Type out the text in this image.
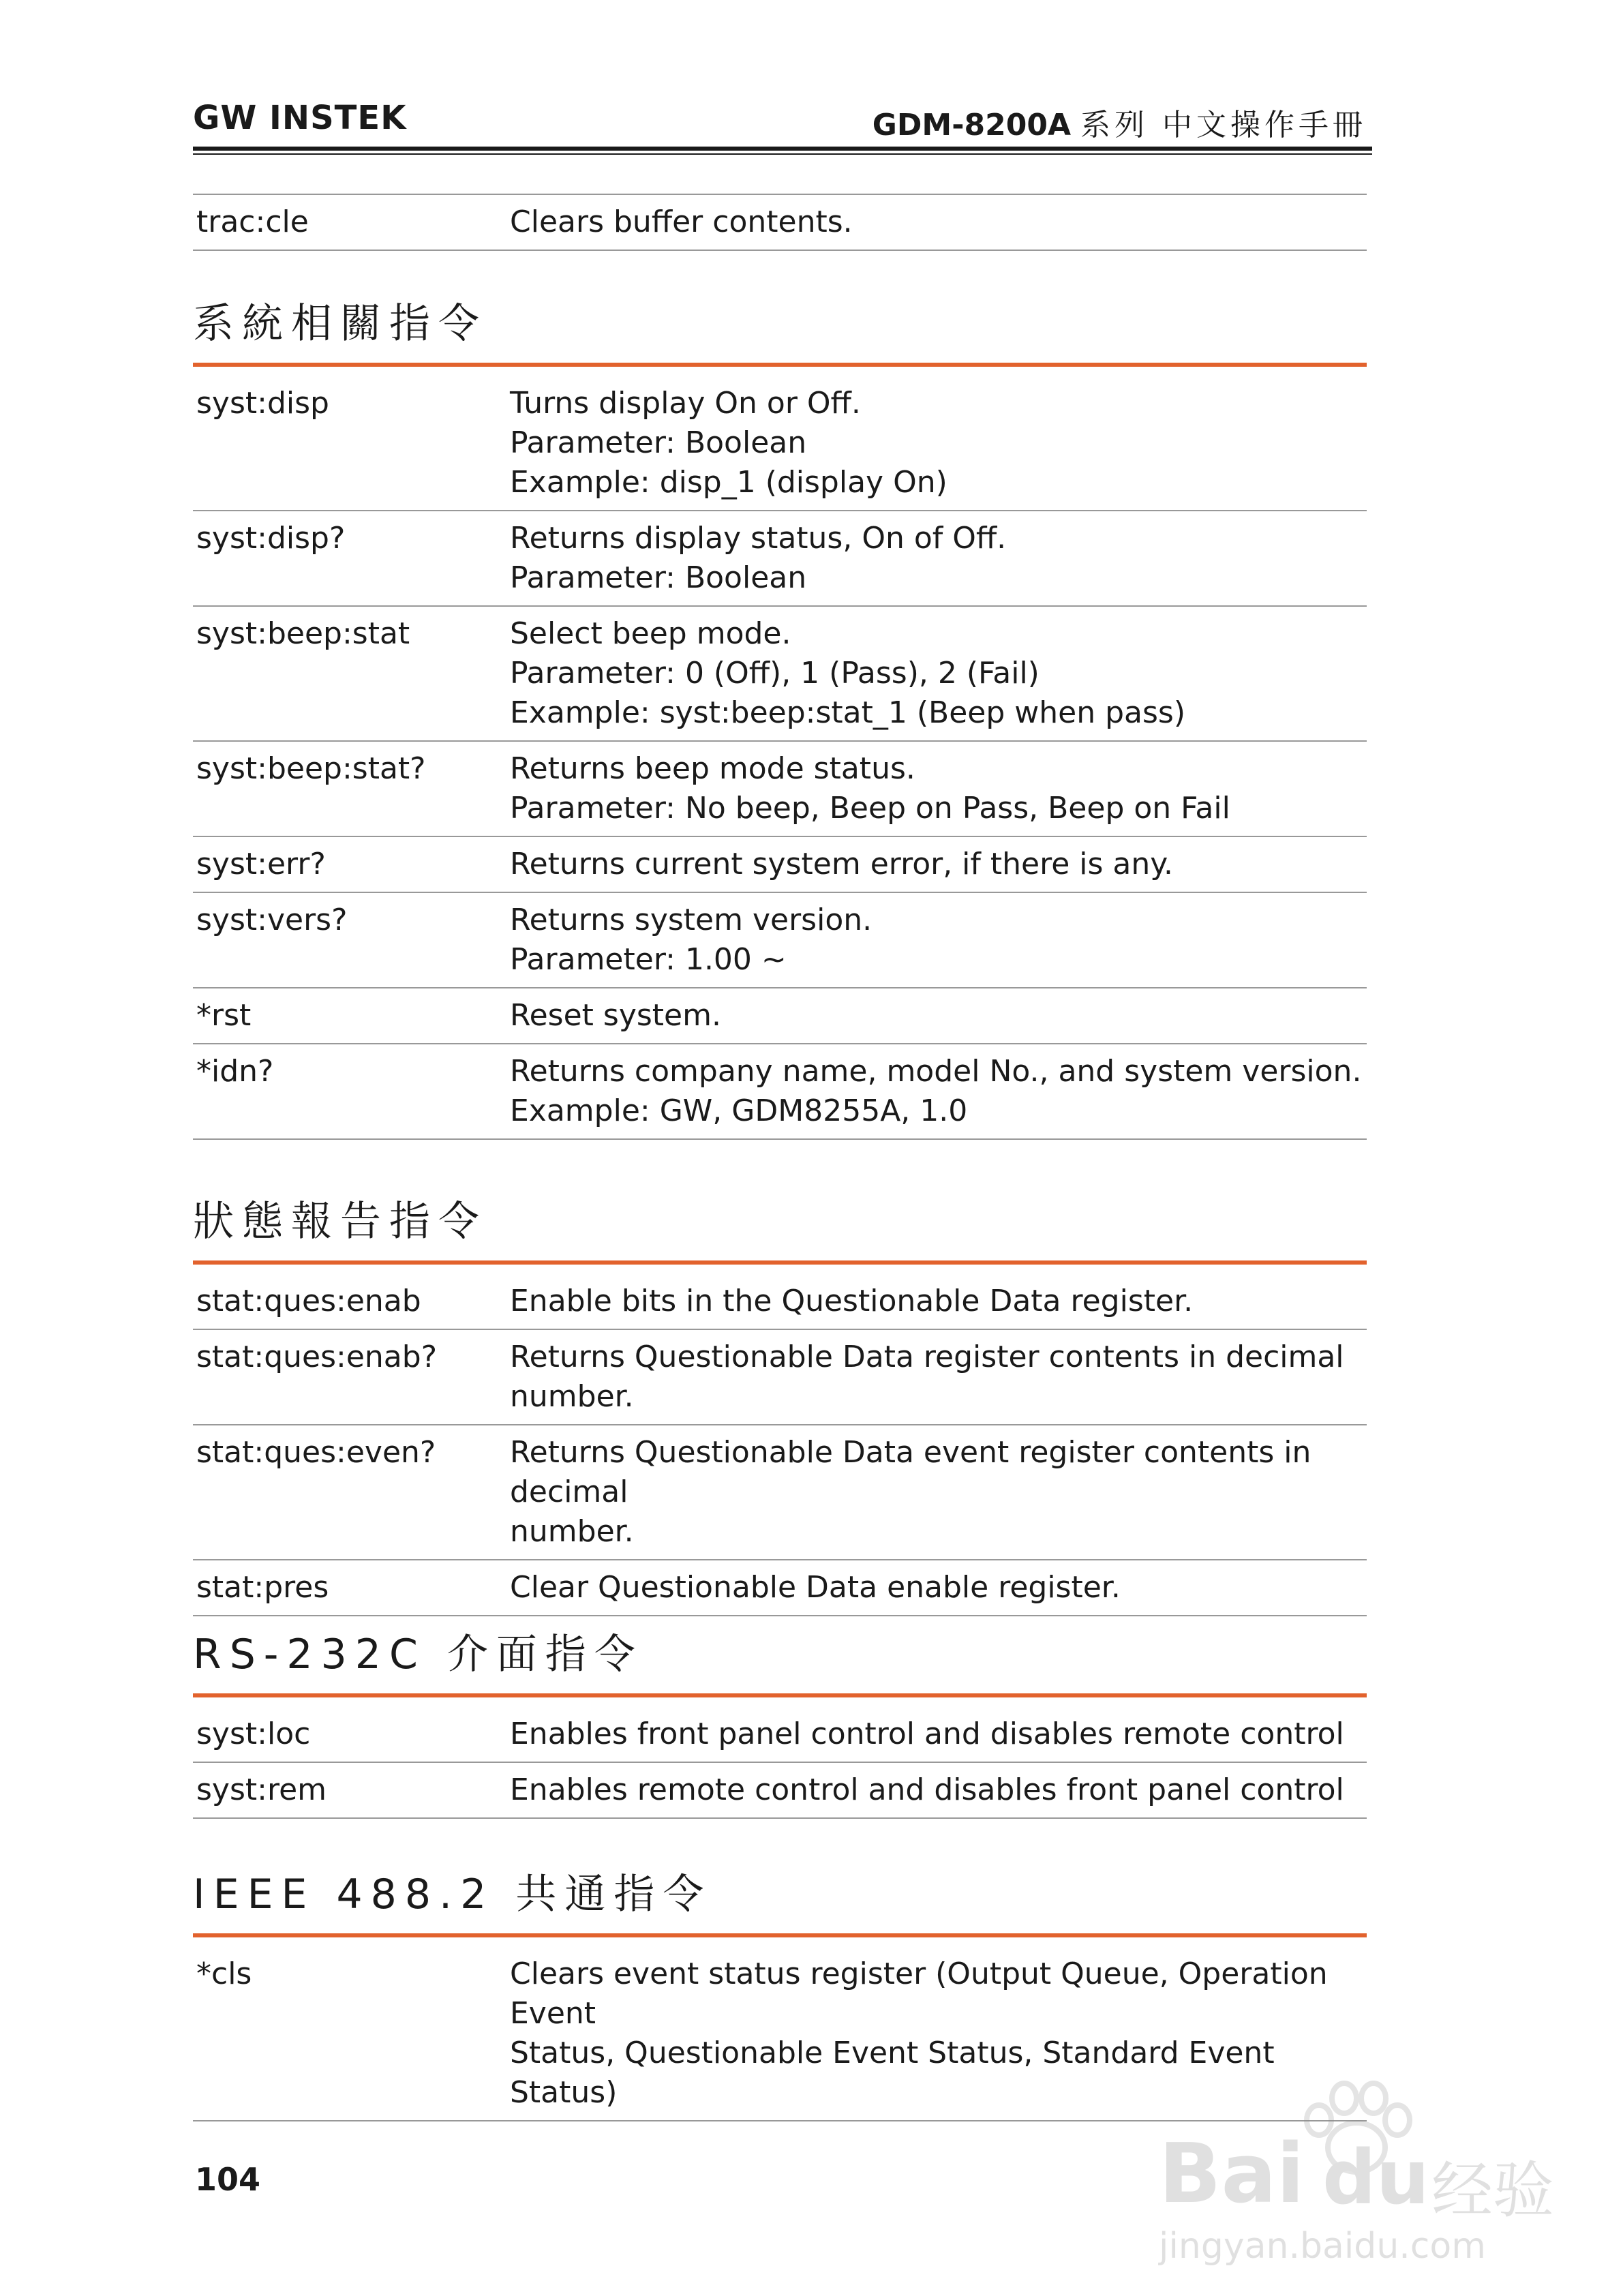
GW INSTEK	GDM-8200A 系列 中文操作手冊
trac:cle	Clears buffer contents.
系統相關指令
syst:disp	Turns display On or Off.
Parameter: Boolean
Example: disp_1 (display On)

syst:disp?	Returns display status, On of Off.
Parameter: Boolean

syst:beep:stat	Select beep mode.
Parameter: 0 (Off), 1 (Pass), 2 (Fail)
Example: syst:beep:stat_1 (Beep when pass)

syst:beep:stat?	Returns beep mode status.
Parameter: No beep, Beep on Pass, Beep on Fail

syst:err?	Returns current system error, if there is any.

syst:vers?	Returns system version.
Parameter: 1.00 ~

*rst	Reset system.

*idn?	Returns company name, model No., and system version.
Example: GW, GDM8255A, 1.0
狀態報告指令
stat:ques:enab	Enable bits in the Questionable Data register.

stat:ques:enab?	Returns Questionable Data register contents in decimal
number.

stat:ques:even?	Returns Questionable Data event register contents in decimal
number.

stat:pres	Clear Questionable Data enable register.
RS-232C 介面指令
syst:loc	Enables front panel control and disables remote control

syst:rem	Enables remote control and disables front panel control
IEEE 488.2 共通指令
*cls	Clears event status register (Output Queue, Operation Event
Status, Questionable Event Status, Standard Event Status)
104	Bai du 经验
jingyan.baidu.com
